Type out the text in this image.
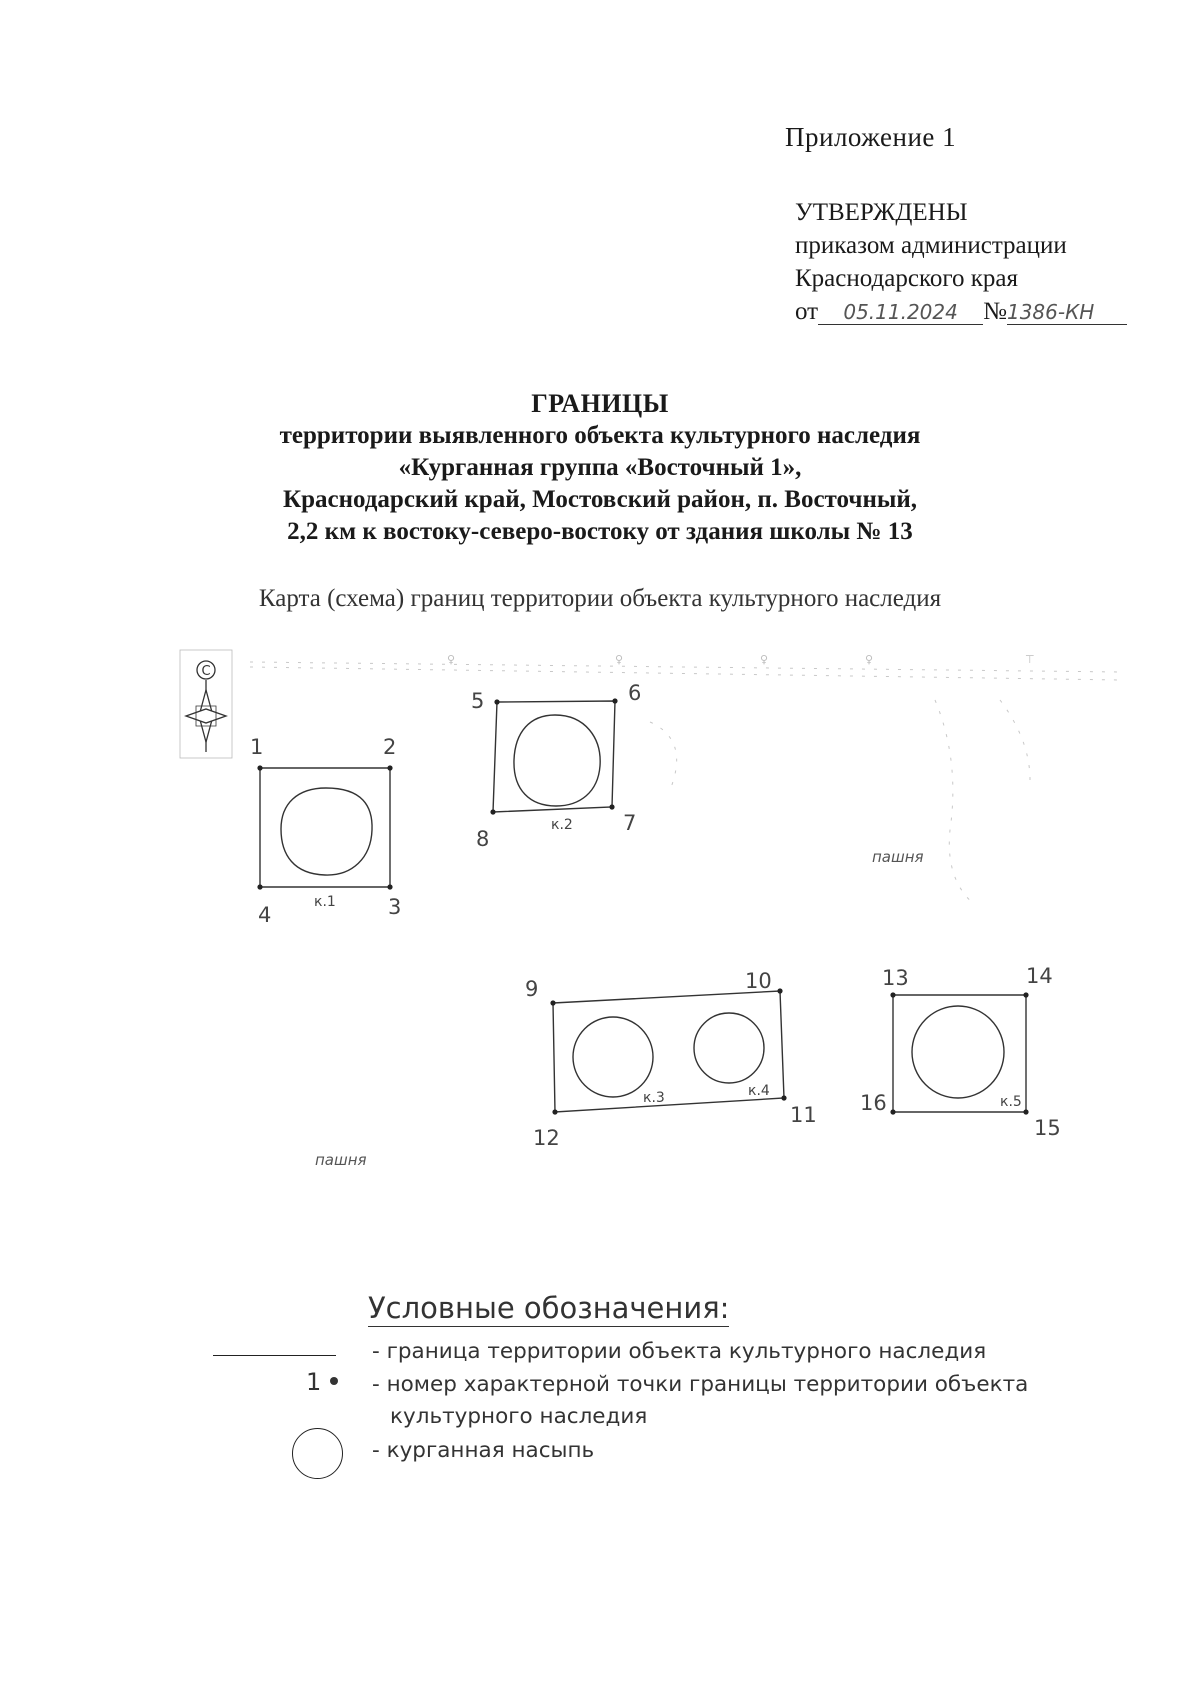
Приложение 1
УТВЕРЖДЕНЫ
приказом администрации
Краснодарского края
от 05.11.2024 №1386-КН
ГРАНИЦЫ
территории выявленного объекта культурного наследия
«Курганная группа «Восточный 1»,
Краснодарский край, Мостовский район, п. Восточный,
2,2 км к востоку-северо-востоку от здания школы № 13
Карта (схема) границ территории объекта культурного наследия
♀	♀	♀	♀	⊤
С
1	2
3
4
5	6
7
8
9	10
11
12
13	14
15
16
к.1
к.2
к.3	к.4
к.5
пашня
пашня
Условные обозначения:
- граница территории объекта культурного наследия
1 - номер характерной точки границы территории объекта
культурного наследия
- курганная насыпь
